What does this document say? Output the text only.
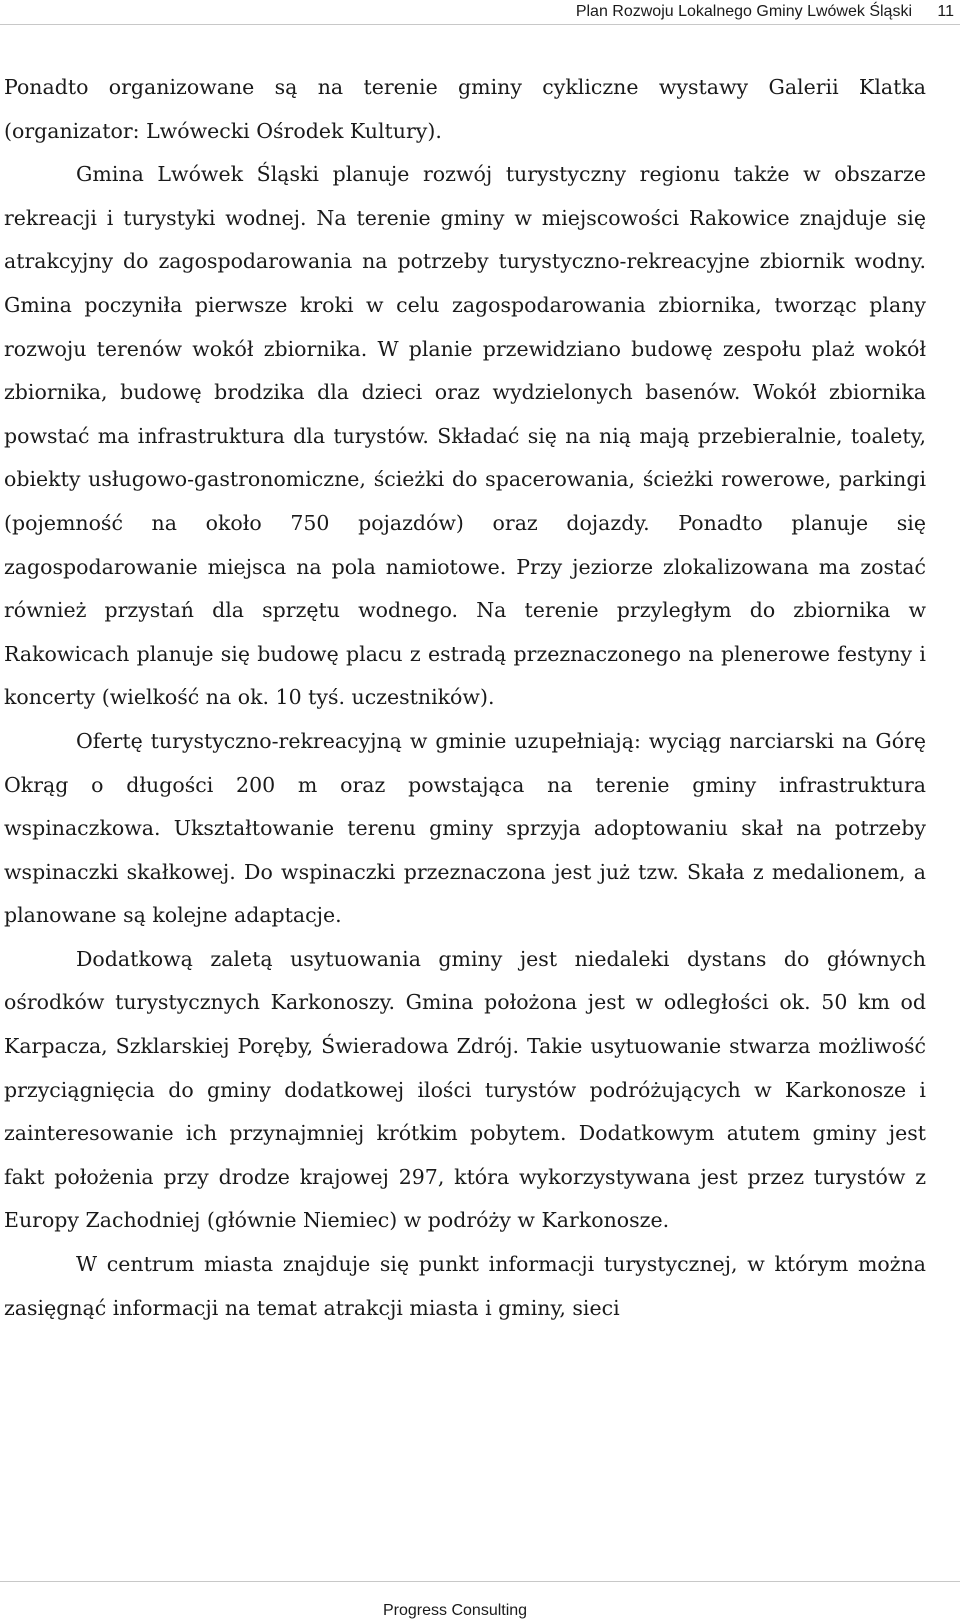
Plan Rozwoju Lokalnego Gminy Lwówek Śląski 11

Ponadto organizowane są na terenie gminy cykliczne wystawy Galerii Klatka (organizator: Lwówecki Ośrodek Kultury).

Gmina Lwówek Śląski planuje rozwój turystyczny regionu także w obszarze rekreacji i turystyki wodnej. Na terenie gminy w miejscowości Rakowice znajduje się atrakcyjny do zagospodarowania na potrzeby turystyczno-rekreacyjne zbiornik wodny. Gmina poczyniła pierwsze kroki w celu zagospodarowania zbiornika, tworząc plany rozwoju terenów wokół zbiornika. W planie przewidziano budowę zespołu plaż wokół zbiornika, budowę brodzika dla dzieci oraz wydzielonych basenów. Wokół zbiornika powstać ma infrastruktura dla turystów. Składać się na nią mają przebieralnie, toalety, obiekty usługowo-gastronomiczne, ścieżki do spacerowania, ścieżki rowerowe, parkingi (pojemność na około 750 pojazdów) oraz dojazdy. Ponadto planuje się zagospodarowanie miejsca na pola namiotowe. Przy jeziorze zlokalizowana ma zostać również przystań dla sprzętu wodnego. Na terenie przyległym do zbiornika w Rakowicach planuje się budowę placu z estradą przeznaczonego na plenerowe festyny i koncerty (wielkość na ok. 10 tyś. uczestników).

Ofertę turystyczno-rekreacyjną w gminie uzupełniają: wyciąg narciarski na Górę Okrąg o długości 200 m oraz powstająca na terenie gminy infrastruktura wspinaczkowa. Ukształtowanie terenu gminy sprzyja adoptowaniu skał na potrzeby wspinaczki skałkowej. Do wspinaczki przeznaczona jest już tzw. Skała z medalionem, a planowane są kolejne adaptacje.

Dodatkową zaletą usytuowania gminy jest niedaleki dystans do głównych ośrodków turystycznych Karkonoszy. Gmina położona jest w odległości ok. 50 km od Karpacza, Szklarskiej Poręby, Świeradowa Zdrój. Takie usytuowanie stwarza możliwość przyciągnięcia do gminy dodatkowej ilości turystów podróżujących w Karkonosze i zainteresowanie ich przynajmniej krótkim pobytem. Dodatkowym atutem gminy jest fakt położenia przy drodze krajowej 297, która wykorzystywana jest przez turystów z Europy Zachodniej (głównie Niemiec) w podróży w Karkonosze.

W centrum miasta znajduje się punkt informacji turystycznej, w którym można zasięgnąć informacji na temat atrakcji miasta i gminy, sieci

Progress Consulting
